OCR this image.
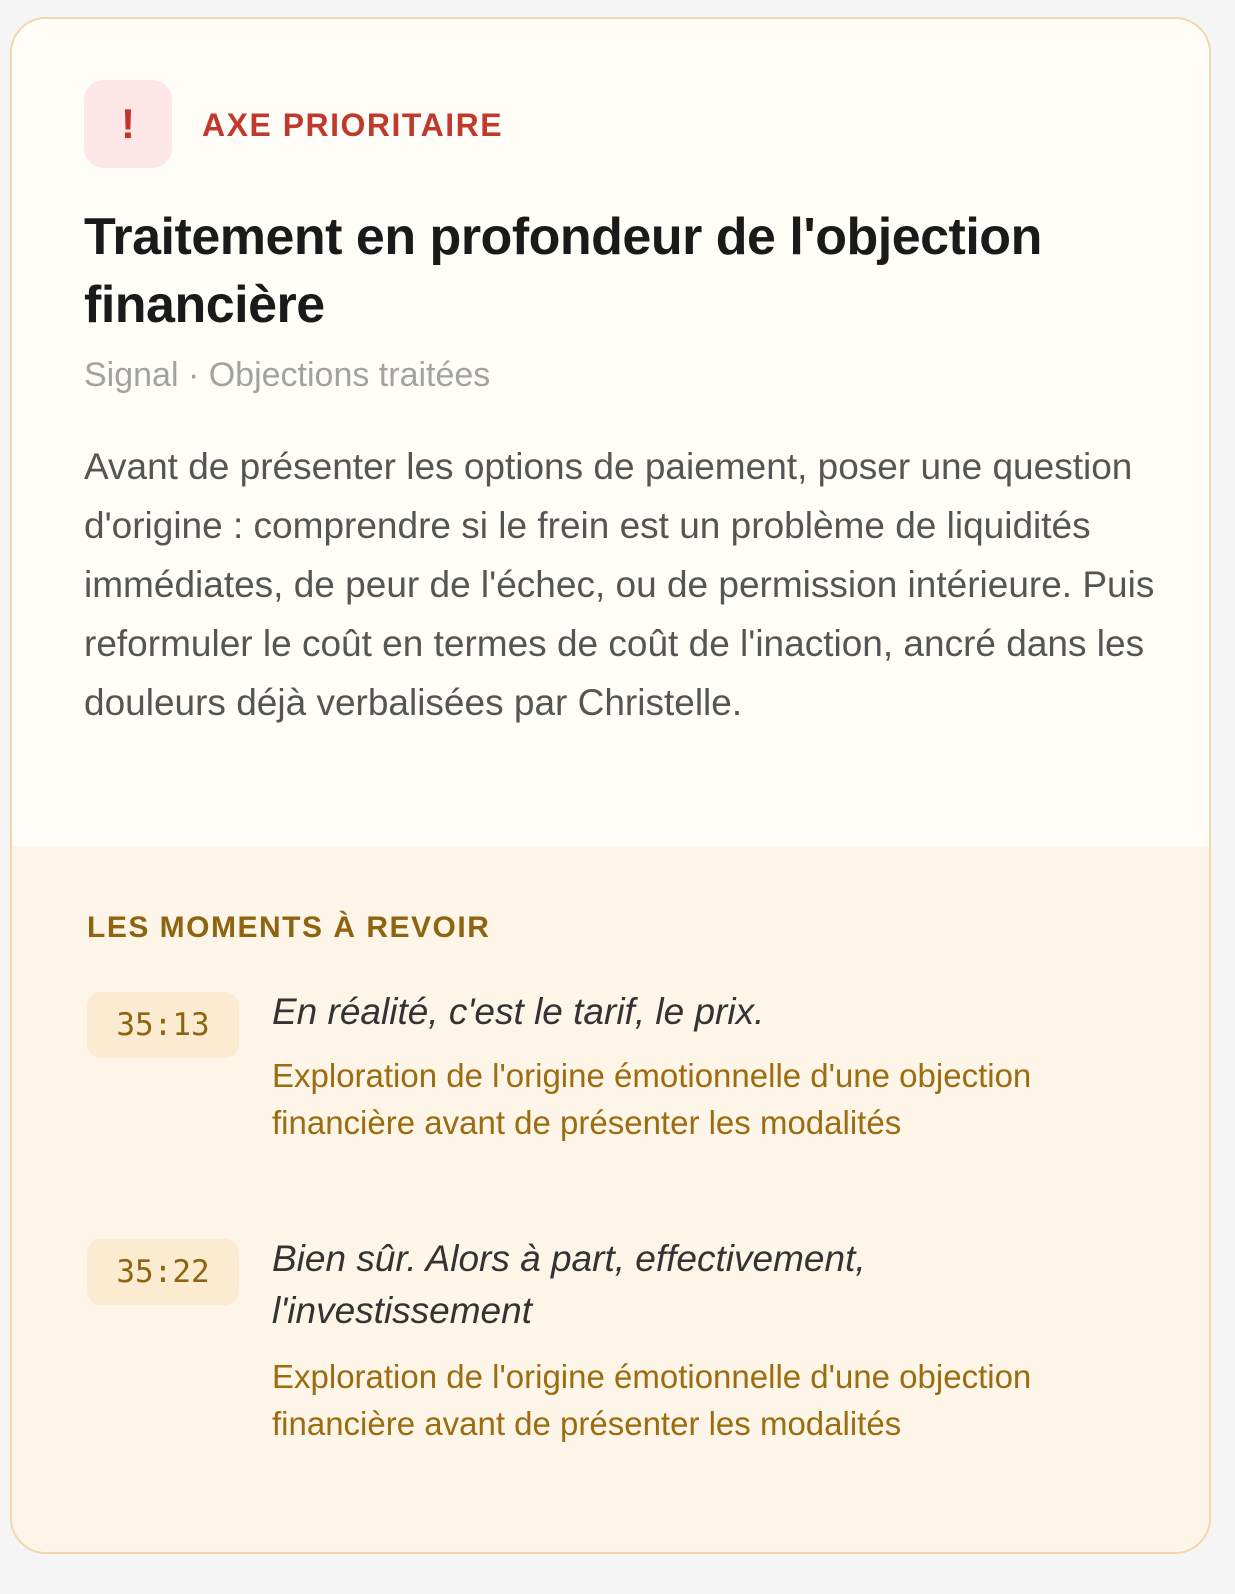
! AXE PRIORITAIRE
Traitement en profondeur de l'objection financière
Signal · Objections traitées
Avant de présenter les options de paiement, poser une question d'origine : comprendre si le frein est un problème de liquidités immédiates, de peur de l'échec, ou de permission intérieure. Puis reformuler le coût en termes de coût de l'inaction, ancré dans les douleurs déjà verbalisées par Christelle.
LES MOMENTS À REVOIR
35:13	En réalité, c'est le tarif, le prix.
Exploration de l'origine émotionnelle d'une objection financière avant de présenter les modalités
35:22	Bien sûr. Alors à part, effectivement, l'investissement
Exploration de l'origine émotionnelle d'une objection financière avant de présenter les modalités
